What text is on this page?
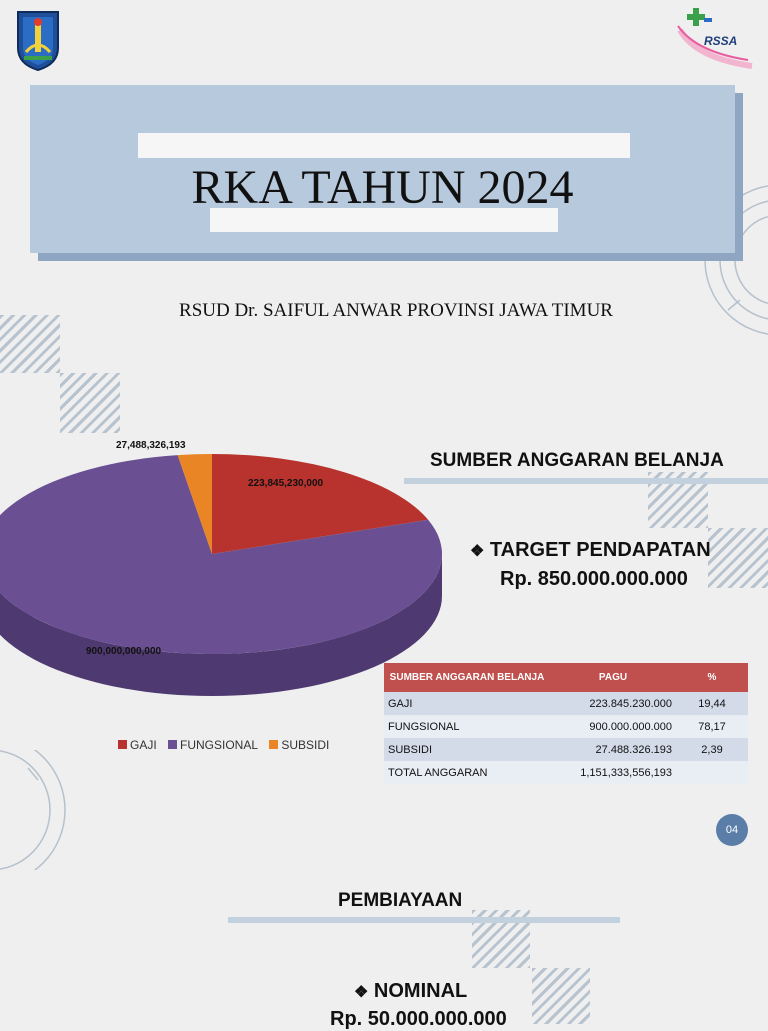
RSSA
RKA TAHUN 2024
RSUD Dr. SAIFUL ANWAR PROVINSI JAWA TIMUR
27,488,326,193
223,845,230,000
900,000,000,000
GAJI FUNGSIONAL SUBSIDI
SUMBER ANGGARAN BELANJA
❖ TARGET PENDAPATAN
Rp. 850.000.000.000
SUMBER ANGGARAN BELANJA	PAGU	%
GAJI	223.845.230.000	19,44
FUNGSIONAL	900.000.000.000	78,17
SUBSIDI	27.488.326.193	2,39
TOTAL ANGGARAN	1,151,333,556,193	
04
PEMBIAYAAN
❖ NOMINAL
Rp. 50.000.000.000
